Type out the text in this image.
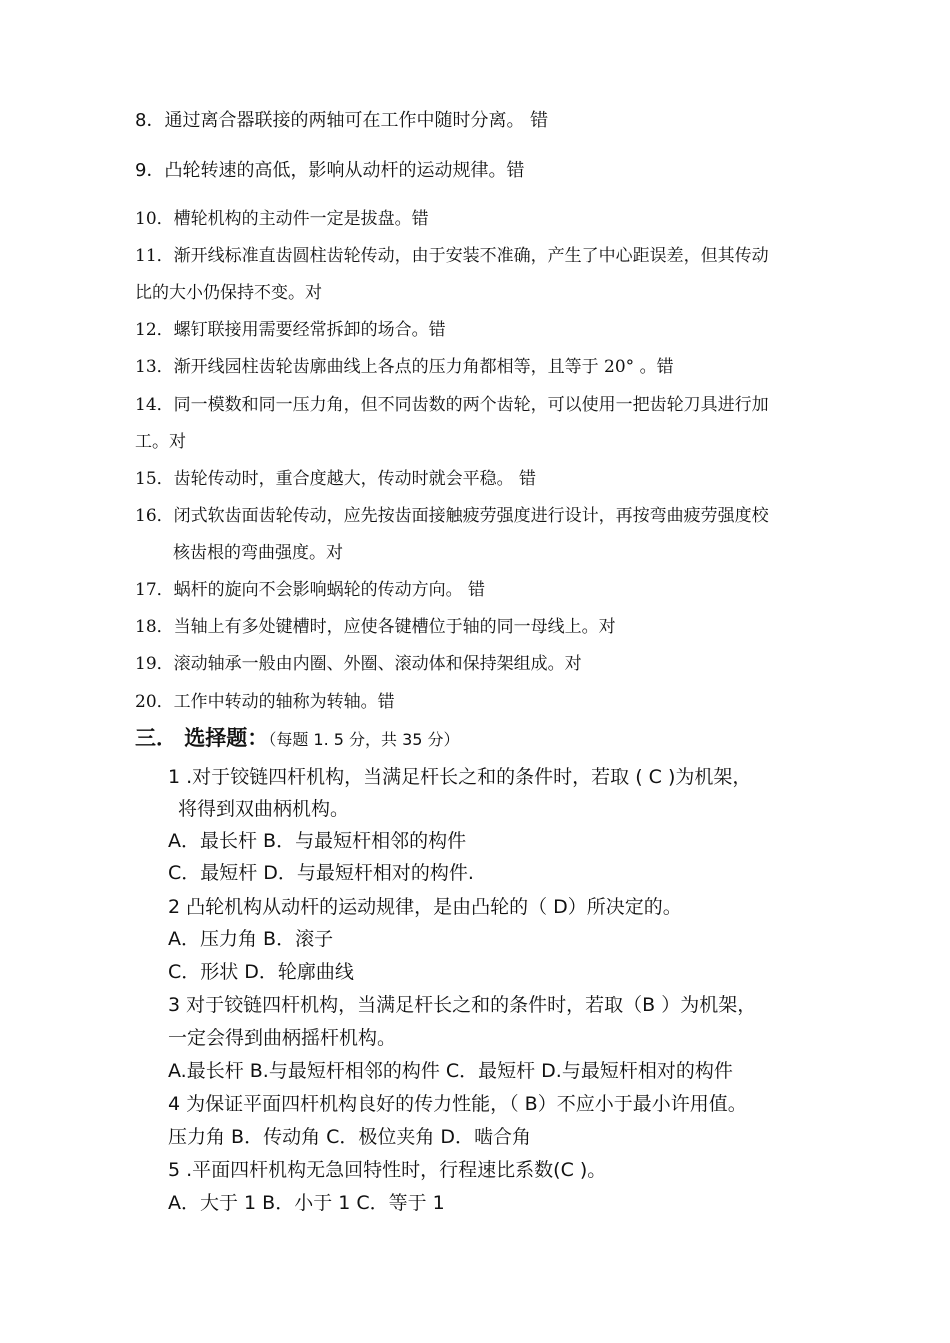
8．通过离合器联接的两轴可在工作中随时分离。 错
9．凸轮转速的高低，影响从动杆的运动规律。错
10．槽轮机构的主动件一定是拔盘。错
11．渐开线标准直齿圆柱齿轮传动，由于安装不准确，产生了中心距误差，但其传动
比的大小仍保持不变。对
12．螺钉联接用需要经常拆卸的场合。错
13．渐开线园柱齿轮齿廓曲线上各点的压力角都相等，且等于 20° 。错
14．同一模数和同一压力角，但不同齿数的两个齿轮，可以使用一把齿轮刀具进行加
工。对
15．齿轮传动时，重合度越大，传动时就会平稳。 错
16．闭式软齿面齿轮传动，应先按齿面接触疲劳强度进行设计，再按弯曲疲劳强度校
核齿根的弯曲强度。对
17．蜗杆的旋向不会影响蜗轮的传动方向。 错
18．当轴上有多处键槽时，应使各键槽位于轴的同一母线上。对
19．滚动轴承一般由内圈、外圈、滚动体和保持架组成。对
20．工作中转动的轴称为转轴。错
三． 选择题：（每题 1. 5 分，共 35 分）
1 .对于铰链四杆机构，当满足杆长之和的条件时，若取 ( C )为机架，
将得到双曲柄机构。
A．最长杆 B．与最短杆相邻的构件
C．最短杆 D．与最短杆相对的构件.
2 凸轮机构从动杆的运动规律，是由凸轮的（ D）所决定的。
A．压力角 B．滚子
C．形状 D．轮廓曲线
3 对于铰链四杆机构，当满足杆长之和的条件时，若取（B ）为机架，
一定会得到曲柄摇杆机构。
A.最长杆 B.与最短杆相邻的构件 C．最短杆 D.与最短杆相对的构件
4 为保证平面四杆机构良好的传力性能，（ B）不应小于最小许用值。
压力角 B．传动角 C．极位夹角 D．啮合角
5 .平面四杆机构无急回特性时，行程速比系数(C )。
A．大于 1 B．小于 1 C．等于 1
